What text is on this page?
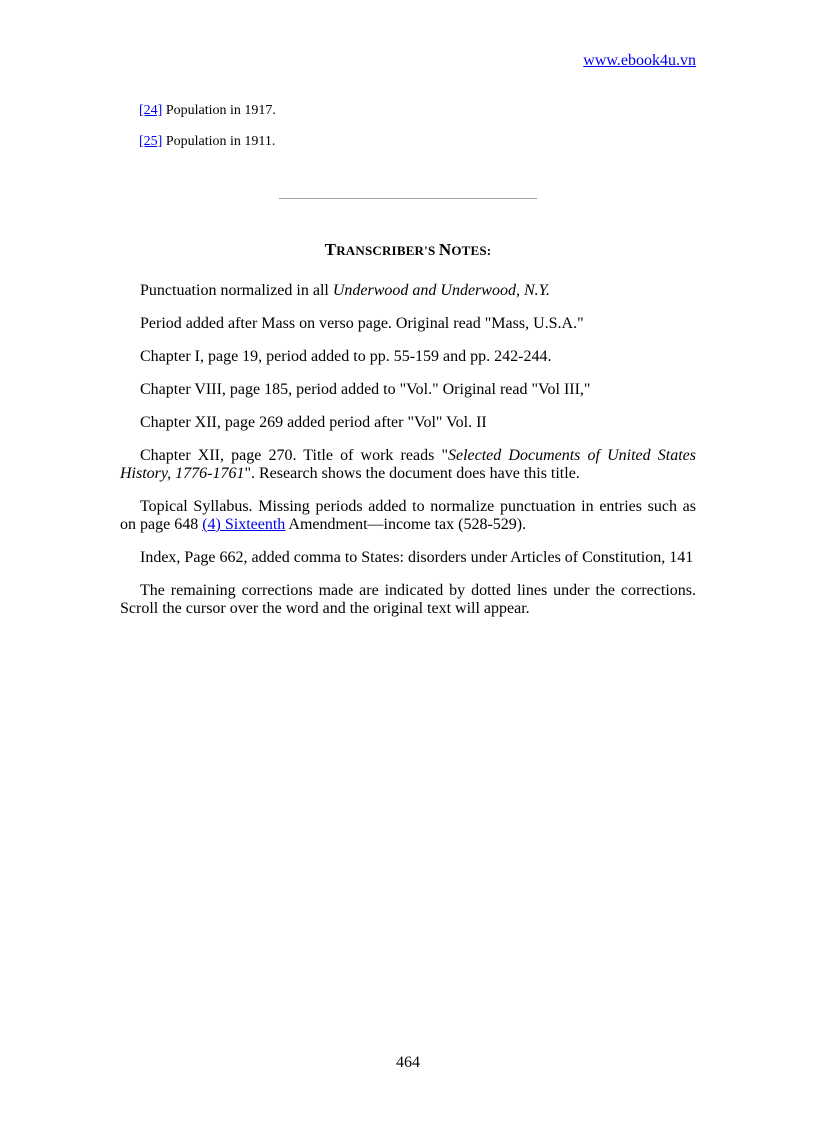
www.ebook4u.vn
[24] Population in 1917.
[25] Population in 1911.
TRANSCRIBER'S NOTES:

Punctuation normalized in all Underwood and Underwood, N.Y.

Period added after Mass on verso page. Original read "Mass, U.S.A."

Chapter I, page 19, period added to pp. 55-159 and pp. 242-244.

Chapter VIII, page 185, period added to "Vol." Original read "Vol III,"

Chapter XII, page 269 added period after "Vol" Vol. II

Chapter XII, page 270. Title of work reads "Selected Documents of United States History, 1776-1761". Research shows the document does have this title.

Topical Syllabus. Missing periods added to normalize punctuation in entries such as on page 648 (4) Sixteenth Amendment—income tax (528-529).

Index, Page 662, added comma to States: disorders under Articles of Constitution, 141

The remaining corrections made are indicated by dotted lines under the corrections. Scroll the cursor over the word and the original text will appear.

464
